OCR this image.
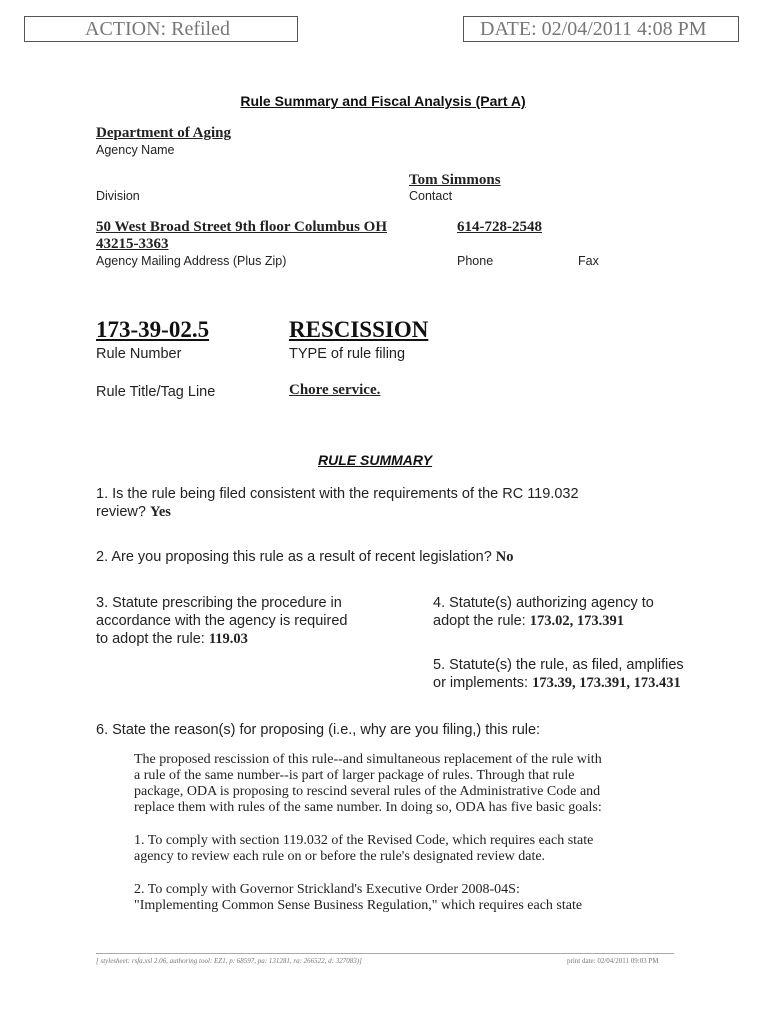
ACTION: Refiled	DATE: 02/04/2011 4:08 PM
Rule Summary and Fiscal Analysis (Part A)
Department of Aging
Agency Name
Tom Simmons
Division	Contact
50 West Broad Street 9th floor Columbus OH
43215-3363
614-728-2548
Agency Mailing Address (Plus Zip)	Phone	Fax
173-39-02.5	RESCISSION
Rule Number	TYPE of rule filing
Rule Title/Tag Line	Chore service.
RULE SUMMARY
1. Is the rule being filed consistent with the requirements of the RC 119.032
review? Yes
2. Are you proposing this rule as a result of recent legislation? No
3. Statute prescribing the procedure in
accordance with the agency is required
to adopt the rule: 119.03
4. Statute(s) authorizing agency to
adopt the rule: 173.02, 173.391
5. Statute(s) the rule, as filed, amplifies
or implements: 173.39, 173.391, 173.431
6. State the reason(s) for proposing (i.e., why are you filing,) this rule:
The proposed rescission of this rule--and simultaneous replacement of the rule with
a rule of the same number--is part of larger package of rules. Through that rule
package, ODA is proposing to rescind several rules of the Administrative Code and
replace them with rules of the same number. In doing so, ODA has five basic goals:
1. To comply with section 119.032 of the Revised Code, which requires each state
agency to review each rule on or before the rule's designated review date.
2. To comply with Governor Strickland's Executive Order 2008-04S:
"Implementing Common Sense Business Regulation," which requires each state
[ stylesheet: rsfa.xsl 2.06, authoring tool: EZ1, p: 68597, pa: 131281, ra: 266522, d: 327083)]	print date: 02/04/2011 09:03 PM
